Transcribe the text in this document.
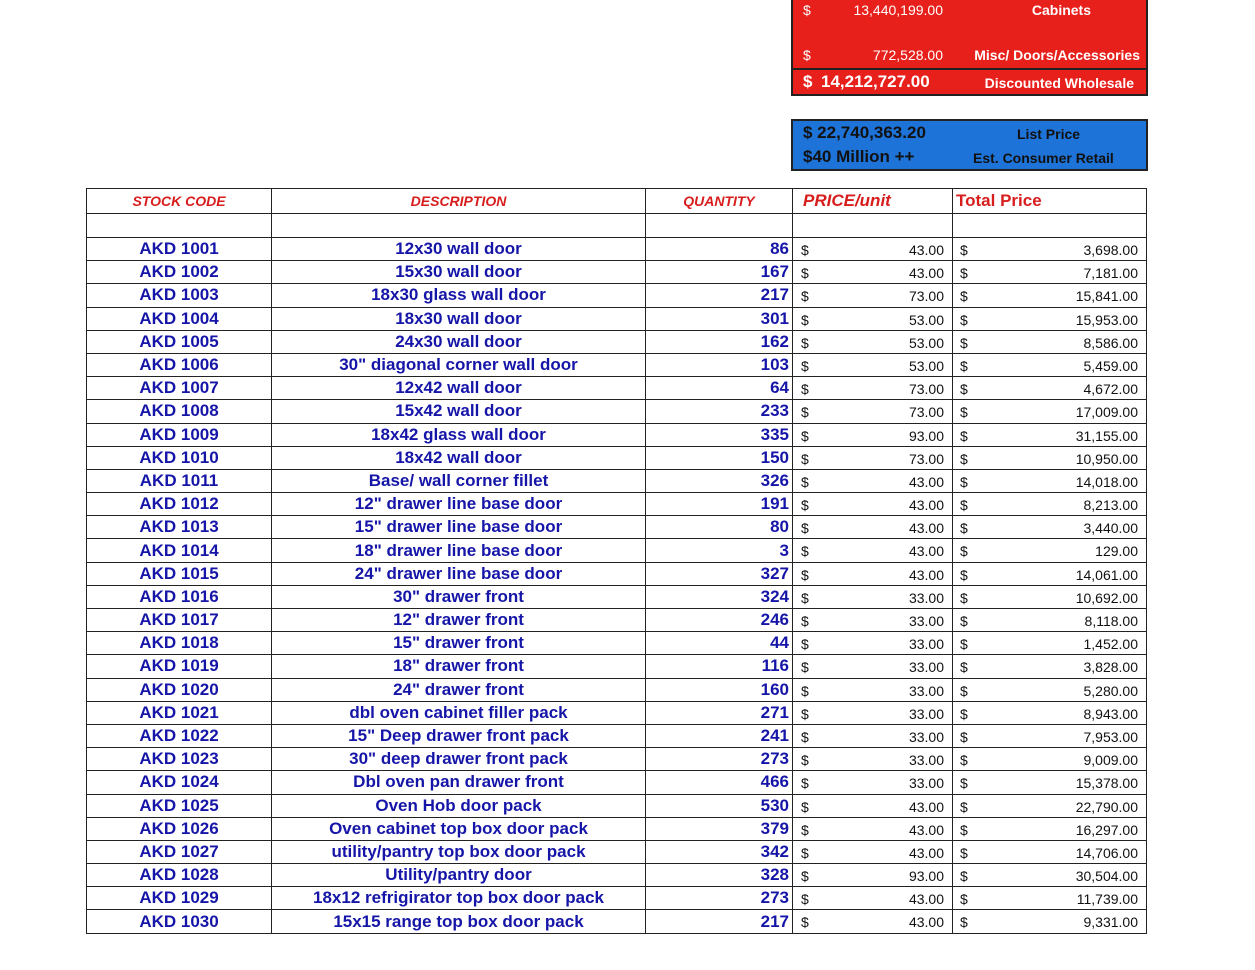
$	13,440,199.00	Cabinets
$	772,528.00 Misc/ Doors/Accessories
$ 14,212,727.00	Discounted Wholesale
$ 22,740,363.20	List Price
$40 Million ++	Est. Consumer Retail
STOCK CODE	DESCRIPTION	QUANTITY	PRICE/unit	Total Price

AKD 1001	12x30 wall door	86	$ 43.00	$ 3,698.00

AKD 1002	15x30 wall door	167	$ 43.00	$ 7,181.00

AKD 1003	18x30 glass wall door	217	$ 73.00	$ 15,841.00

AKD 1004	18x30 wall door	301	$ 53.00	$ 15,953.00

AKD 1005	24x30 wall door	162	$ 53.00	$ 8,586.00

AKD 1006	30" diagonal corner wall door	103	$ 53.00	$ 5,459.00

AKD 1007	12x42 wall door	64	$ 73.00	$ 4,672.00

AKD 1008	15x42 wall door	233	$ 73.00	$ 17,009.00

AKD 1009	18x42 glass wall door	335	$ 93.00	$ 31,155.00

AKD 1010	18x42 wall door	150	$ 73.00	$ 10,950.00

AKD 1011	Base/ wall corner fillet	326	$ 43.00	$ 14,018.00

AKD 1012	12" drawer line base door	191	$ 43.00	$ 8,213.00

AKD 1013	15" drawer line base door	80	$ 43.00	$ 3,440.00

AKD 1014	18" drawer line base door	3	$ 43.00	$ 129.00

AKD 1015	24" drawer line base door	327	$ 43.00	$ 14,061.00

AKD 1016	30" drawer front	324	$ 33.00	$ 10,692.00

AKD 1017	12" drawer front	246	$ 33.00	$ 8,118.00

AKD 1018	15" drawer front	44	$ 33.00	$ 1,452.00

AKD 1019	18" drawer front	116	$ 33.00	$ 3,828.00

AKD 1020	24" drawer front	160	$ 33.00	$ 5,280.00

AKD 1021	dbl oven cabinet filler pack	271	$ 33.00	$ 8,943.00

AKD 1022	15" Deep drawer front pack	241	$ 33.00	$ 7,953.00

AKD 1023	30" deep drawer front pack	273	$ 33.00	$ 9,009.00

AKD 1024	Dbl oven pan drawer front	466	$ 33.00	$ 15,378.00

AKD 1025	Oven Hob door pack	530	$ 43.00	$ 22,790.00

AKD 1026	Oven cabinet top box door pack	379	$ 43.00	$ 16,297.00

AKD 1027	utility/pantry top box door pack	342	$ 43.00	$ 14,706.00

AKD 1028	Utility/pantry door	328	$ 93.00	$ 30,504.00

AKD 1029	18x12 refrigirator top box door pack	273	$ 43.00	$ 11,739.00

AKD 1030	15x15 range top box door pack	217	$ 43.00	$ 9,331.00
